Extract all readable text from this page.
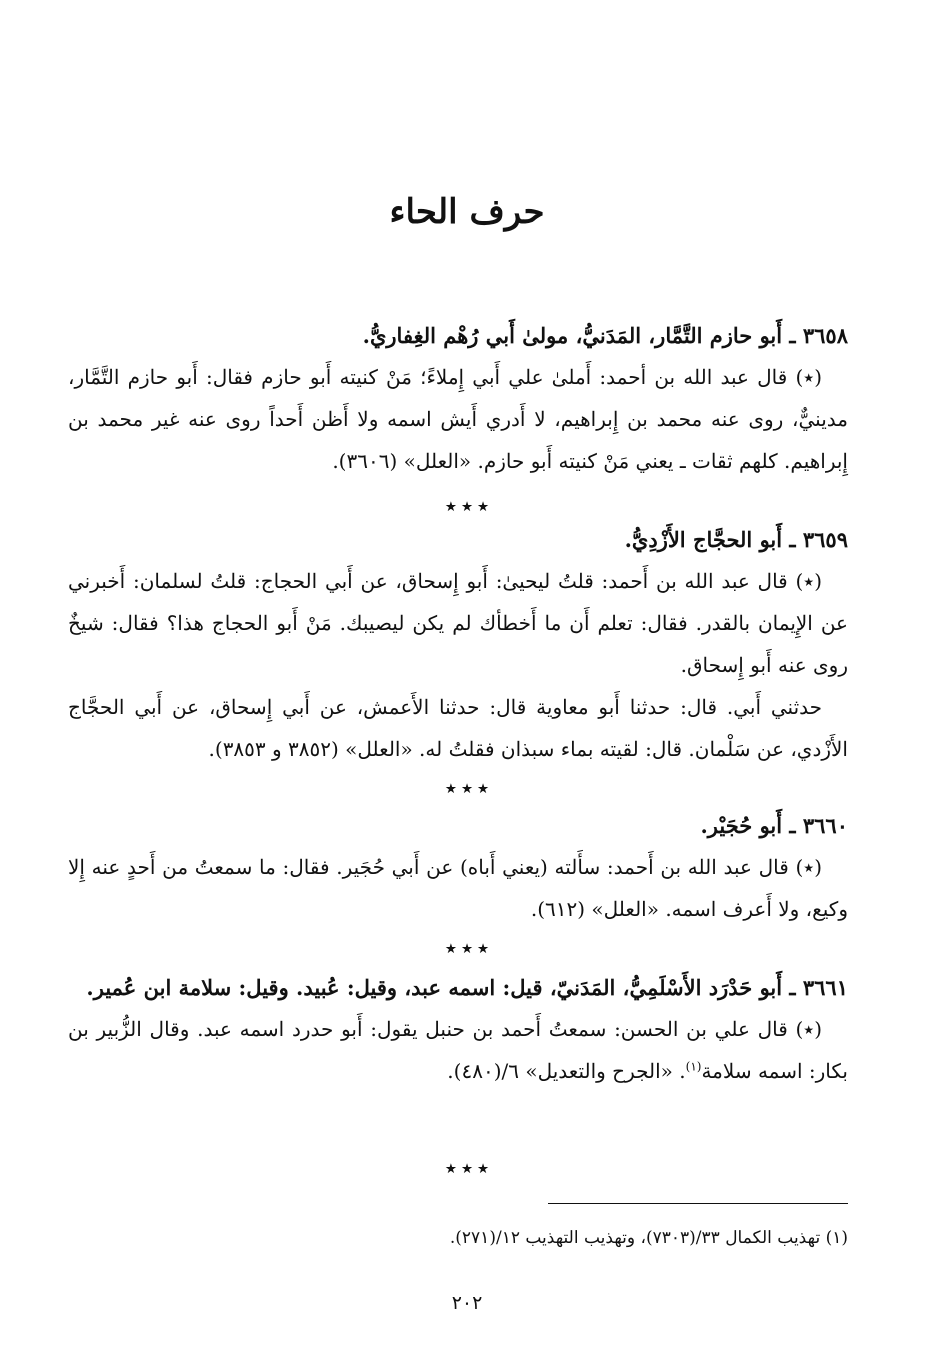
حرف الحاء

٣٦٥٨ ـ أَبو حازم التَّمَّار، المَدَنيُّ، مولىٰ أَبي رُهْم الغِفاريُّ.

(٭) قال عبد الله بن أحمد: أَملىٰ علي أَبي إِملاءً؛ مَنْ كنيته أَبو حازم فقال: أَبو حازم التَّمَّار، مدينيٌّ، روى عنه محمد بن إِبراهيم، لا أَدري أَيش اسمه ولا أَظن أَحداً روى عنه غير محمد بن إِبراهيم. كلهم ثقات ـ يعني مَنْ كنيته أَبو حازم. «العلل» (٣٦٠٦).

٭ ٭ ٭

٣٦٥٩ ـ أَبو الحجَّاج الأَزْدِيُّ.

(٭) قال عبد الله بن أَحمد: قلتُ ليحيىٰ: أَبو إِسحاق، عن أَبي الحجاج: قلتُ لسلمان: أَخبرني عن الإِيمان بالقدر. فقال: تعلم أَن ما أَخطأك لم يكن ليصيبك. مَنْ أَبو الحجاج هذا؟ فقال: شيخٌ روى عنه أَبو إِسحاق.

حدثني أَبي. قال: حدثنا أَبو معاوية قال: حدثنا الأَعمش، عن أَبي إِسحاق، عن أَبي الحجَّاج الأَزْدي، عن سَلْمان. قال: لقيته بماء سبذان فقلتُ له. «العلل» (٣٨٥٢ و ٣٨٥٣).

٭ ٭ ٭

٣٦٦٠ ـ أَبو حُجَيْر.

(٭) قال عبد الله بن أَحمد: سأَلته (يعني أَباه) عن أَبي حُجَير. فقال: ما سمعتُ من أَحدٍ عنه إِلا وكيع، ولا أَعرف اسمه. «العلل» (٦١٢).

٭ ٭ ٭

٣٦٦١ ـ أَبو حَدْرَد الأَسْلَمِيُّ، المَدَنيّ، قيل: اسمه عبد، وقيل: عُبيد. وقيل: سلامة ابن عُمير.

(٭) قال علي بن الحسن: سمعتُ أَحمد بن حنبل يقول: أَبو حدرد اسمه عبد. وقال الزُّبير بن بكار: اسمه سلامة$^{(١)}$. «الجرح والتعديل» ٦/(٤٨٠).

٭ ٭ ٭

(١) تهذيب الكمال ٣٣/(٧٣٠٣)، وتهذيب التهذيب ١٢/(٢٧١).

٢٠٢
